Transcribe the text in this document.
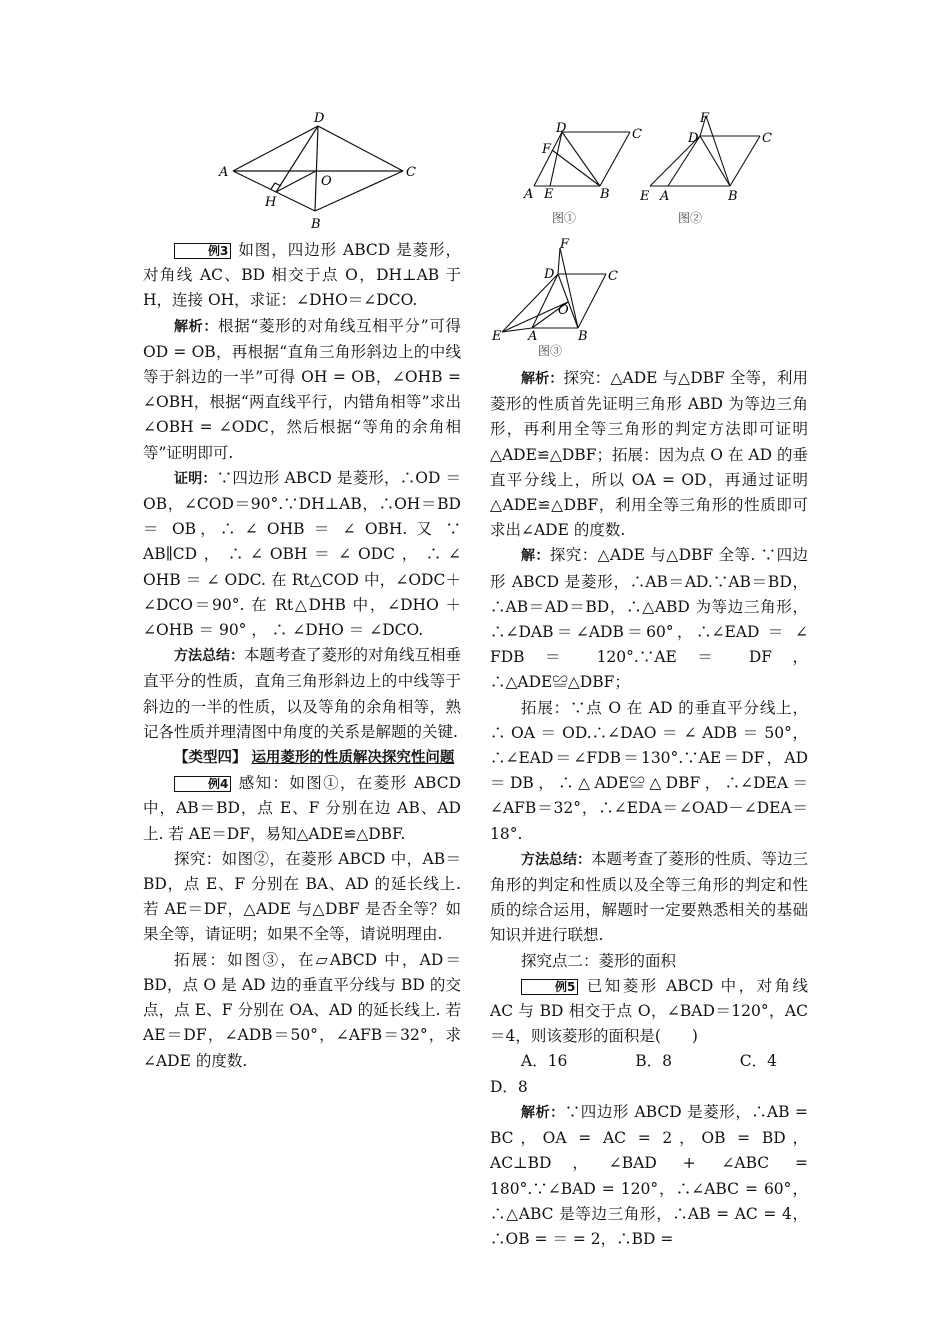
D
A	C
O
H
B
D	C
F
A E	B
图①
F
D	C
E A	B
图②
F
D	C
O
A	B
E
图③

例3 如图，四边形 ABCD 是菱形，对角线 AC、BD 相交于点 O，DH⊥AB 于 H，连接 OH，求证：∠DHO＝∠DCO.

解析：根据“菱形的对角线互相平分”可得 OD = OB，再根据“直角三角形斜边上的中线等于斜边的一半”可得 OH = OB，∠OHB = ∠OBH，根据“两直线平行，内错角相等”求出∠OBH = ∠ODC，然后根据“等角的余角相等”证明即可.

证明：∵四边形 ABCD 是菱形，∴OD ＝OB，∠COD＝90°.∵DH⊥AB，∴OH＝BD ＝ OB，∴ ∠ OHB ＝ ∠ OBH. 又 ∵ AB∥CD ， ∴ ∠ OBH ＝ ∠ ODC ， ∴ ∠ OHB ＝ ∠ ODC. 在 Rt△COD 中，∠ODC＋∠DCO＝90°. 在 Rt△DHB 中，∠DHO ＋ ∠OHB ＝ 90° ， ∴ ∠DHO ＝ ∠DCO.

方法总结：本题考查了菱形的对角线互相垂直平分的性质，直角三角形斜边上的中线等于斜边的一半的性质，以及等角的余角相等，熟记各性质并理清图中角度的关系是解题的关键.

【类型四】 运用菱形的性质解决探究性问题

例4 感知：如图①，在菱形 ABCD 中，AB＝BD，点 E、F 分别在边 AB、AD 上. 若 AE＝DF，易知△ADE≌△DBF.

探究：如图②，在菱形 ABCD 中，AB＝BD，点 E、F 分别在 BA、AD 的延长线上. 若 AE＝DF，△ADE 与△DBF 是否全等？如果全等，请证明；如果不全等，请说明理由.

拓展：如图③，在▱ABCD 中，AD＝BD，点 O 是 AD 边的垂直平分线与 BD 的交点，点 E、F 分别在 OA、AD 的延长线上. 若 AE＝DF，∠ADB＝50°，∠AFB＝32°，求∠ADE 的度数.

解析：探究：△ADE 与△DBF 全等，利用菱形的性质首先证明三角形 ABD 为等边三角形，再利用全等三角形的判定方法即可证明△ADE≌△DBF；拓展：因为点 O 在 AD 的垂直平分线上，所以 OA = OD，再通过证明△ADE≌△DBF，利用全等三角形的性质即可求出∠ADE 的度数.

解：探究：△ADE 与△DBF 全等. ∵四边形 ABCD 是菱形，∴AB＝AD.∵AB＝BD，∴AB＝AD＝BD，∴△ABD 为等边三角形，∴∠DAB＝∠ADB＝60°，∴∠EAD ＝ ∠ FDB ＝ 120°.∵AE ＝ DF ，∴△ADE≌△DBF；

拓展：∵点 O 在 AD 的垂直平分线上，∴ OA ＝ OD.∴∠DAO ＝ ∠ ADB ＝ 50°，∴∠EAD＝∠FDB＝130°.∵AE＝DF，AD ＝DB，∴△ADE≌△DBF，∴∠DEA＝∠AFB＝32°，∴∠EDA＝∠OAD－∠DEA＝18°.

方法总结：本题考查了菱形的性质、等边三角形的判定和性质以及全等三角形的判定和性质的综合运用，解题时一定要熟悉相关的基础知识并进行联想.

探究点二：菱形的面积

例5 已知菱形 ABCD 中，对角线 AC 与 BD 相交于点 O，∠BAD＝120°，AC＝4，则该菱形的面积是(　　)

A．16	B．8	C．4

D．8

解析：∵四边形 ABCD 是菱形，∴AB = BC，OA = AC = 2，OB = BD，AC⊥BD，∠BAD + ∠ABC = 180°.∵∠BAD = 120°，∴∠ABC = 60°，∴△ABC 是等边三角形，∴AB = AC = 4，∴OB = ＝ = 2，∴BD =
